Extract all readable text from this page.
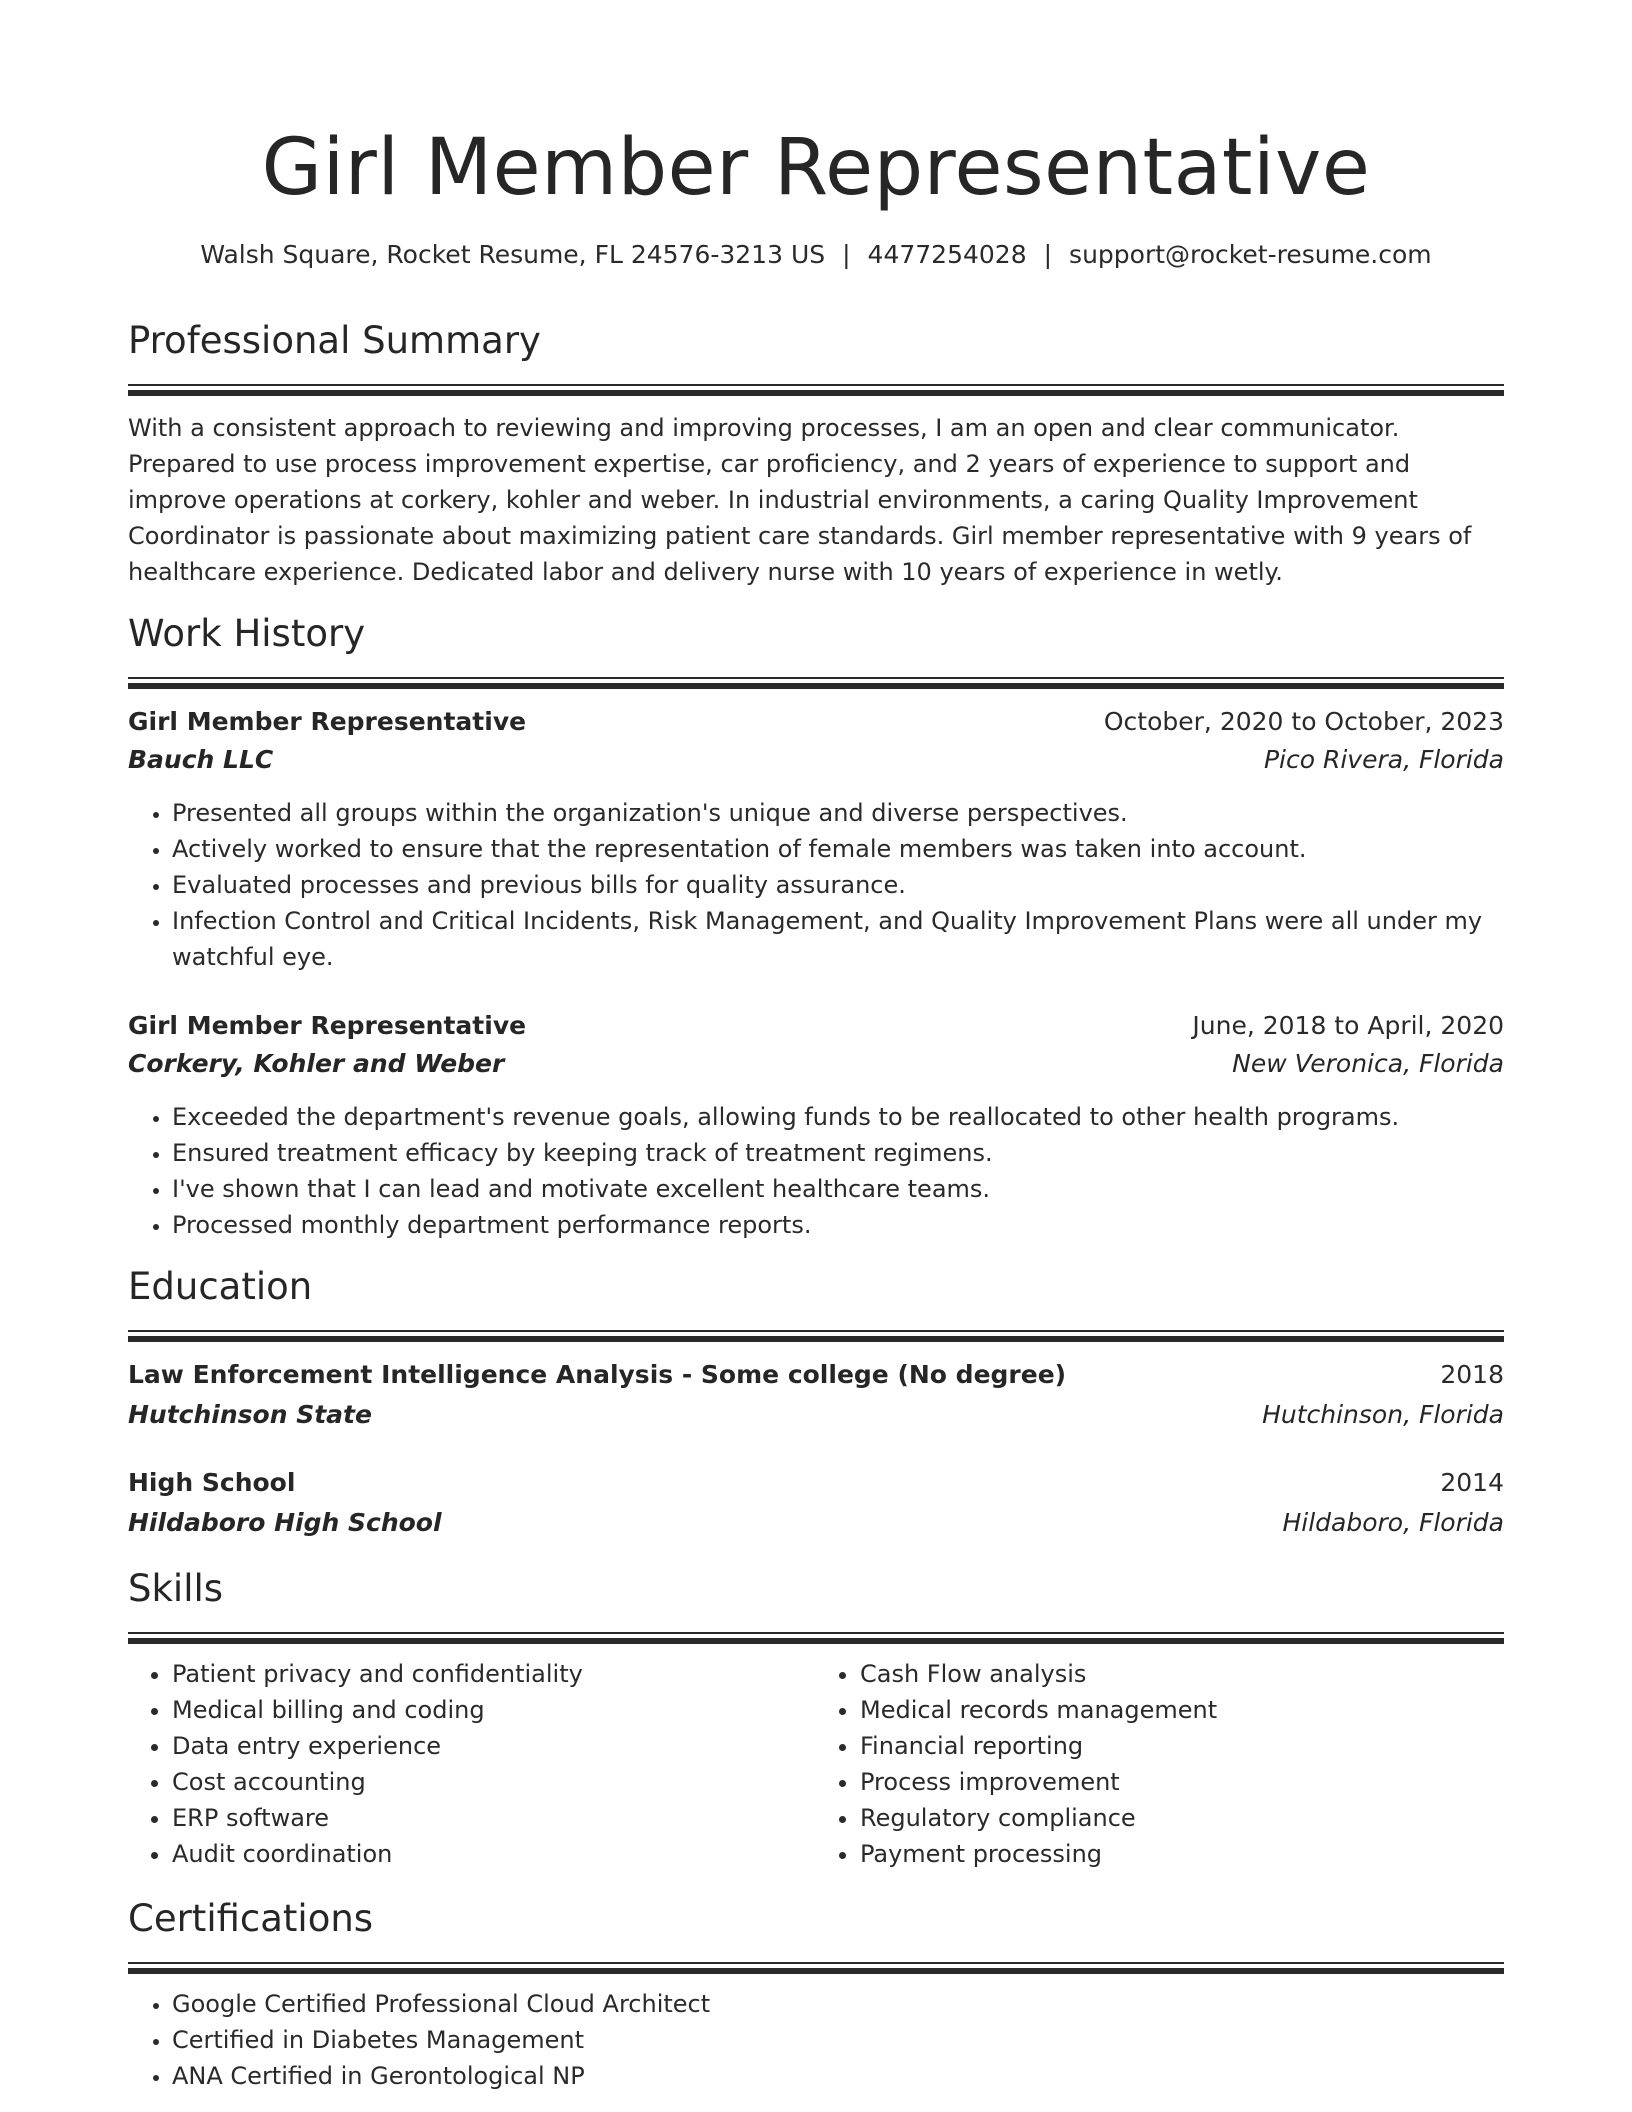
Girl Member Representative
Walsh Square, Rocket Resume, FL 24576-3213 US | 4477254028 | support@rocket-resume.com
Professional Summary
With a consistent approach to reviewing and improving processes, I am an open and clear communicator. Prepared to use process improvement expertise, car proficiency, and 2 years of experience to support and improve operations at corkery, kohler and weber. In industrial environments, a caring Quality Improvement Coordinator is passionate about maximizing patient care standards. Girl member representative with 9 years of healthcare experience. Dedicated labor and delivery nurse with 10 years of experience in wetly.
Work History
Girl Member Representative	October, 2020 to October, 2023
Bauch LLC	Pico Rivera, Florida
• Presented all groups within the organization's unique and diverse perspectives.
• Actively worked to ensure that the representation of female members was taken into account.
• Evaluated processes and previous bills for quality assurance.
• Infection Control and Critical Incidents, Risk Management, and Quality Improvement Plans were all under my watchful eye.
Girl Member Representative	June, 2018 to April, 2020
Corkery, Kohler and Weber	New Veronica, Florida
• Exceeded the department's revenue goals, allowing funds to be reallocated to other health programs.
• Ensured treatment efficacy by keeping track of treatment regimens.
• I've shown that I can lead and motivate excellent healthcare teams.
• Processed monthly department performance reports.
Education
Law Enforcement Intelligence Analysis - Some college (No degree)	2018
Hutchinson State	Hutchinson, Florida
High School	2014
Hildaboro High School	Hildaboro, Florida
Skills
• Patient privacy and confidentiality
• Medical billing and coding
• Data entry experience
• Cost accounting
• ERP software
• Audit coordination
• Cash Flow analysis
• Medical records management
• Financial reporting
• Process improvement
• Regulatory compliance
• Payment processing
Certifications
• Google Certified Professional Cloud Architect
• Certified in Diabetes Management
• ANA Certified in Gerontological NP
